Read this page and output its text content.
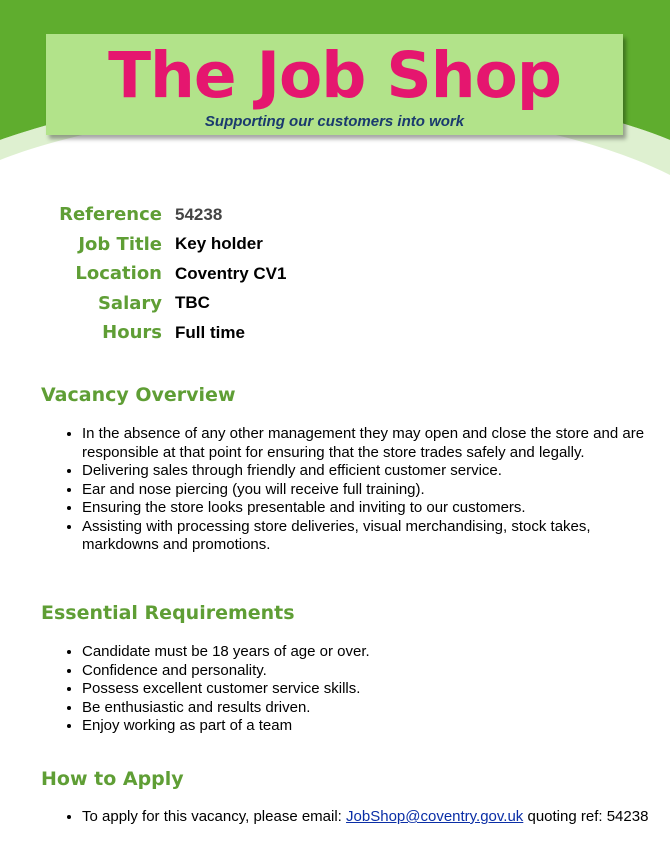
The Job Shop
Supporting our customers into work
Reference	54238
Job Title	Key holder
Location	Coventry CV1
Salary	TBC
Hours	Full time
Vacancy Overview
• In the absence of any other management they may open and close the store and are responsible at that point for ensuring that the store trades safely and legally.
• Delivering sales through friendly and efficient customer service.
• Ear and nose piercing (you will receive full training).
• Ensuring the store looks presentable and inviting to our customers.
• Assisting with processing store deliveries, visual merchandising, stock takes, markdowns and promotions.
Essential Requirements
• Candidate must be 18 years of age or over.
• Confidence and personality.
• Possess excellent customer service skills.
• Be enthusiastic and results driven.
• Enjoy working as part of a team
How to Apply
• To apply for this vacancy, please email: JobShop@coventry.gov.uk quoting ref: 54238
